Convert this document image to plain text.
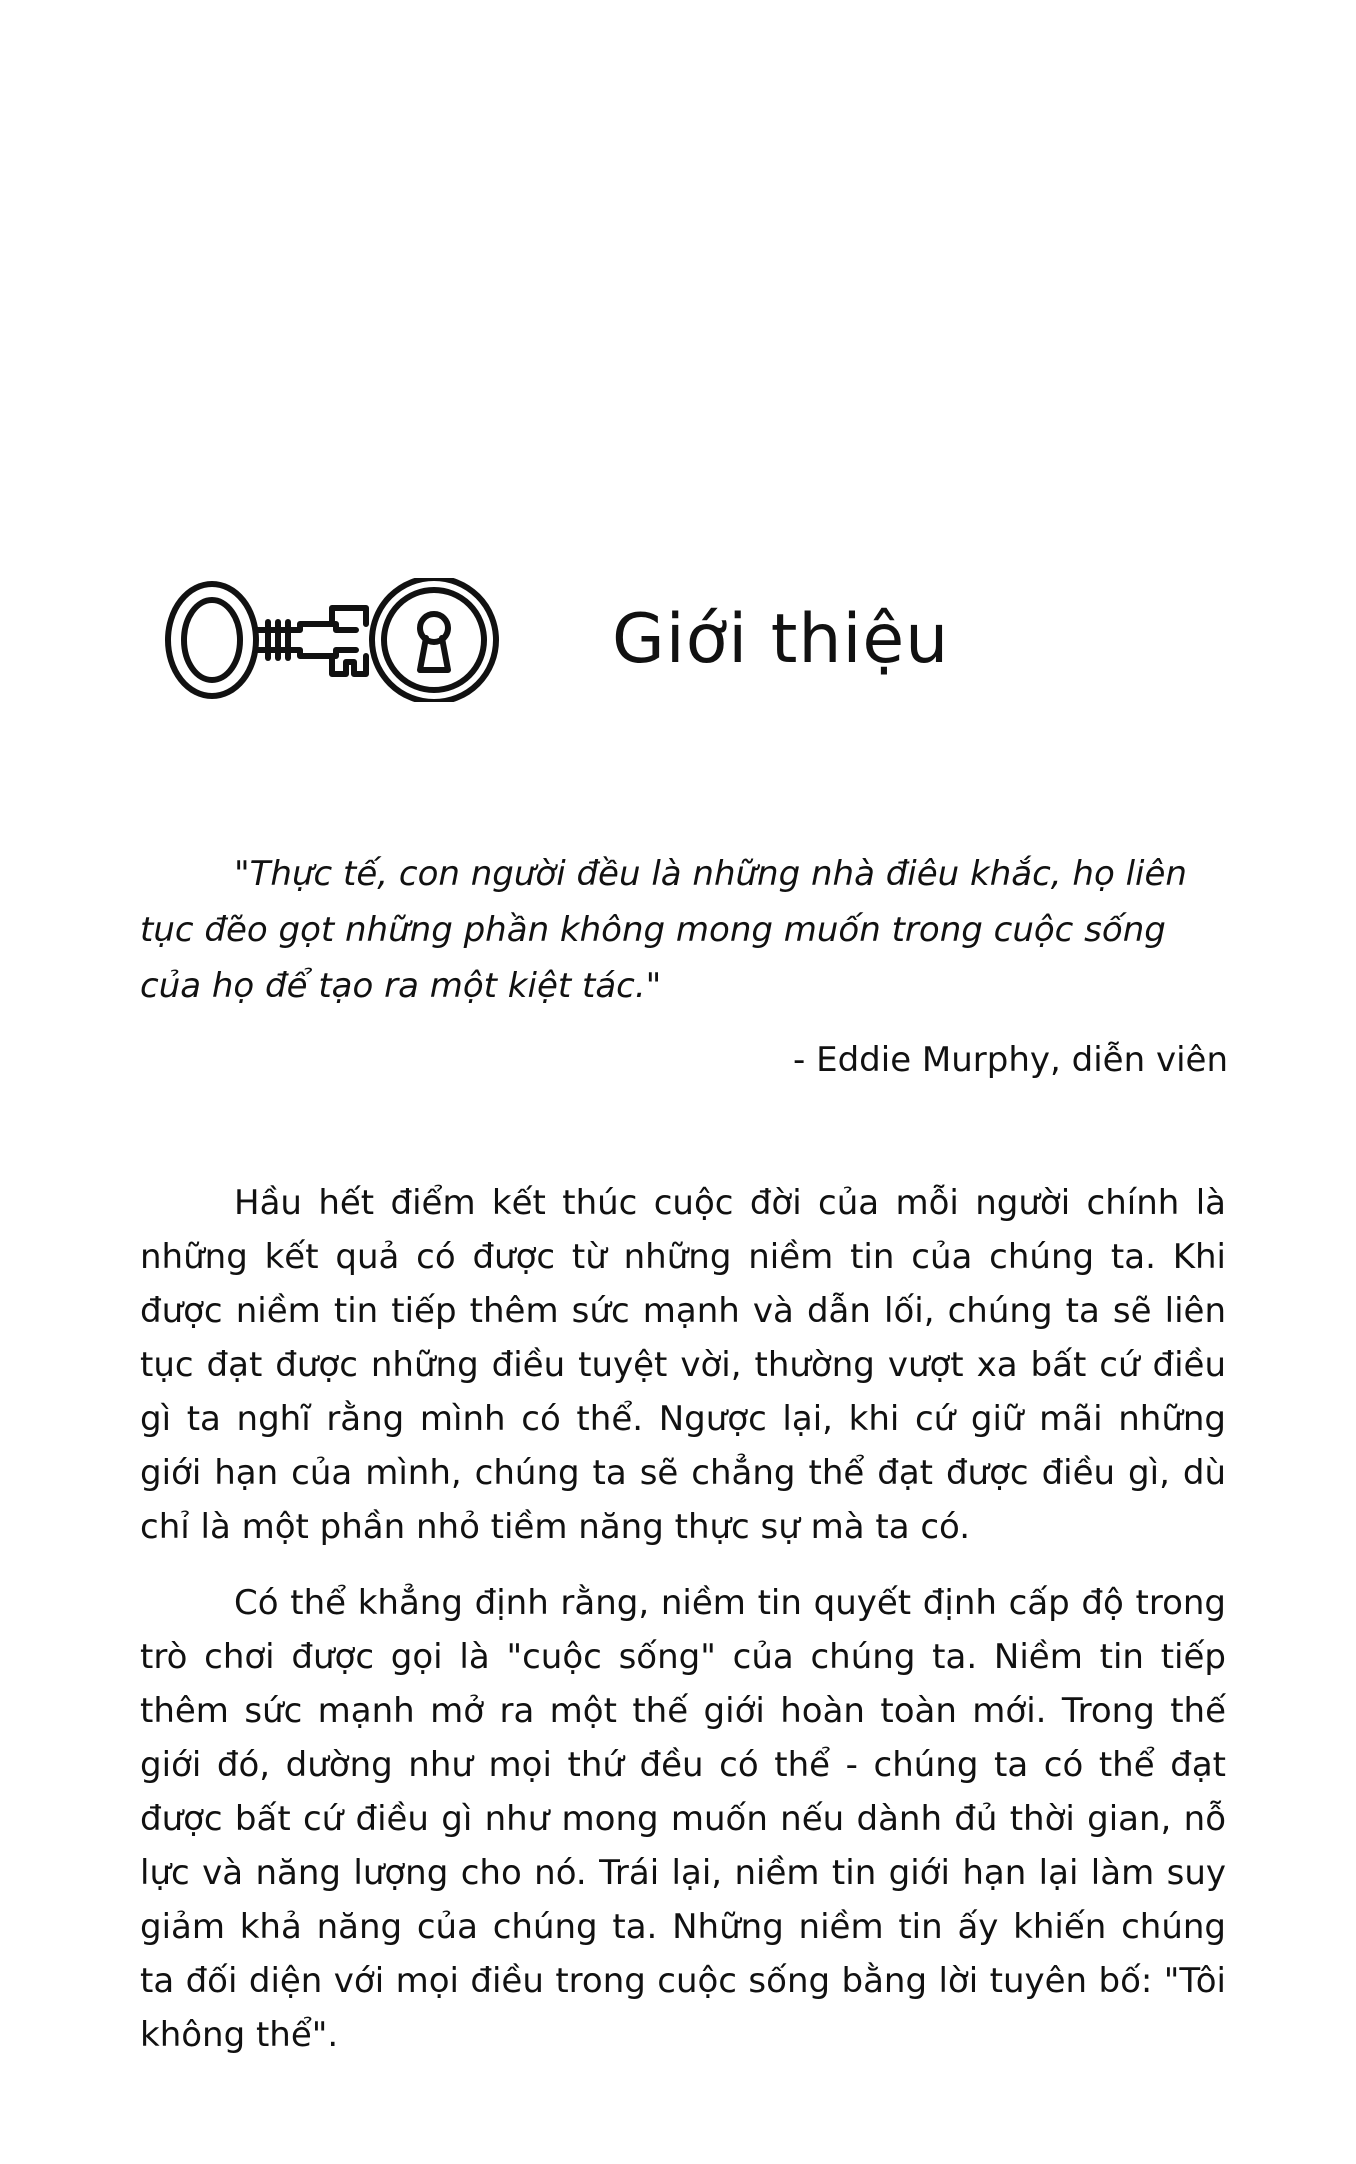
Giới thiệu

"Thực tế, con người đều là những nhà điêu khắc, họ liên tục đẽo gọt những phần không mong muốn trong cuộc sống của họ để tạo ra một kiệt tác."

- Eddie Murphy, diễn viên

Hầu hết điểm kết thúc cuộc đời của mỗi người chính là những kết quả có được từ những niềm tin của chúng ta. Khi được niềm tin tiếp thêm sức mạnh và dẫn lối, chúng ta sẽ liên tục đạt được những điều tuyệt vời, thường vượt xa bất cứ điều gì ta nghĩ rằng mình có thể. Ngược lại, khi cứ giữ mãi những giới hạn của mình, chúng ta sẽ chẳng thể đạt được điều gì, dù chỉ là một phần nhỏ tiềm năng thực sự mà ta có.

Có thể khẳng định rằng, niềm tin quyết định cấp độ trong trò chơi được gọi là "cuộc sống" của chúng ta. Niềm tin tiếp thêm sức mạnh mở ra một thế giới hoàn toàn mới. Trong thế giới đó, dường như mọi thứ đều có thể - chúng ta có thể đạt được bất cứ điều gì như mong muốn nếu dành đủ thời gian, nỗ lực và năng lượng cho nó. Trái lại, niềm tin giới hạn lại làm suy giảm khả năng của chúng ta. Những niềm tin ấy khiến chúng ta đối diện với mọi điều trong cuộc sống bằng lời tuyên bố: "Tôi không thể".
